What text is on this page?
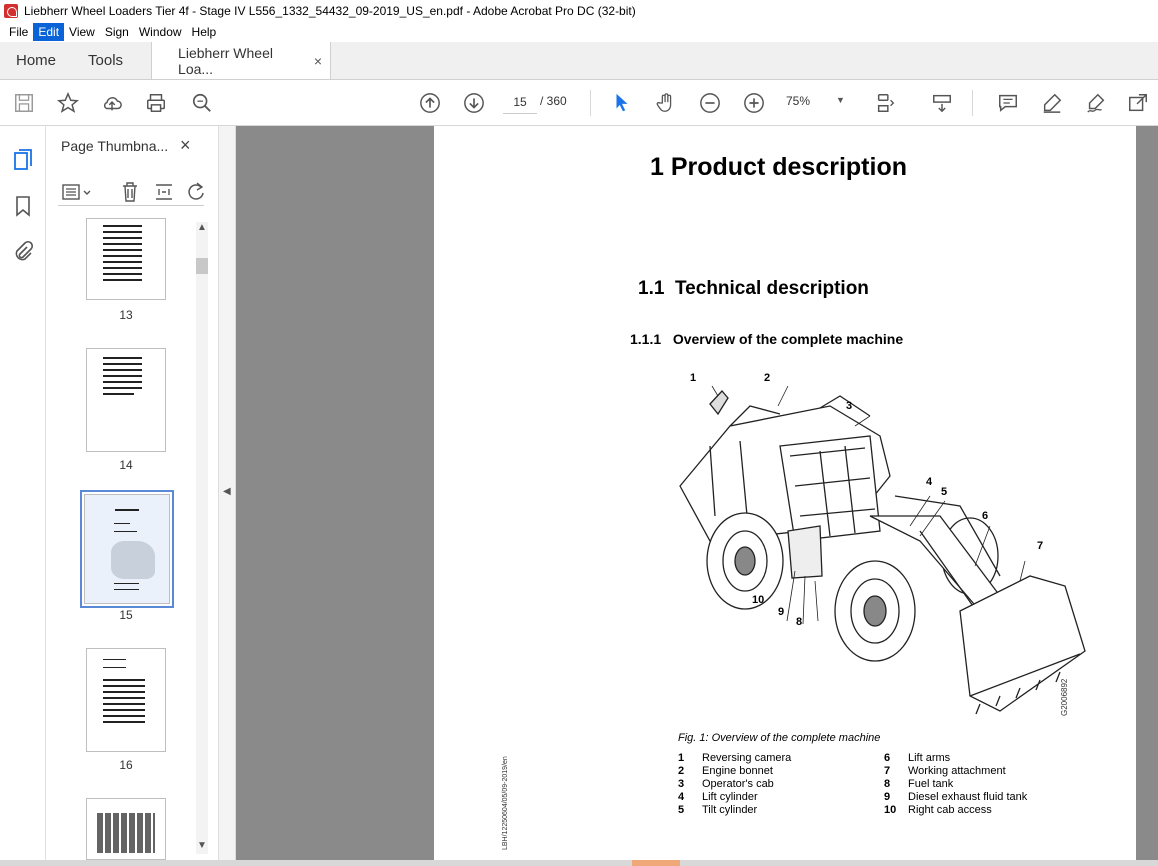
Liebherr Wheel Loaders Tier 4f - Stage IV L556_1332_54432_09-2019_US_en.pdf - Adobe Acrobat Pro DC (32-bit)
File Edit View Sign Window Help
Home	Tools	Liebherr Wheel Loa...	×
15	/ 360	75%	▼
Page Thumbna... ×
13
14
15
16
▲
▼
◀
1 Product description
1.1 Technical description
1.1.1 Overview of the complete machine
1	2
3
4
5
6
7
8
9
10
G2006892
Fig. 1: Overview of the complete machine
1	Reversing camera
2	Engine bonnet
3	Operator's cab
4	Lift cylinder
5	Tilt cylinder
6	Lift arms
7	Working attachment
8	Fuel tank
9	Diesel exhaust fluid tank
10	Right cab access
LBH/12250604/05/09-2019/en
